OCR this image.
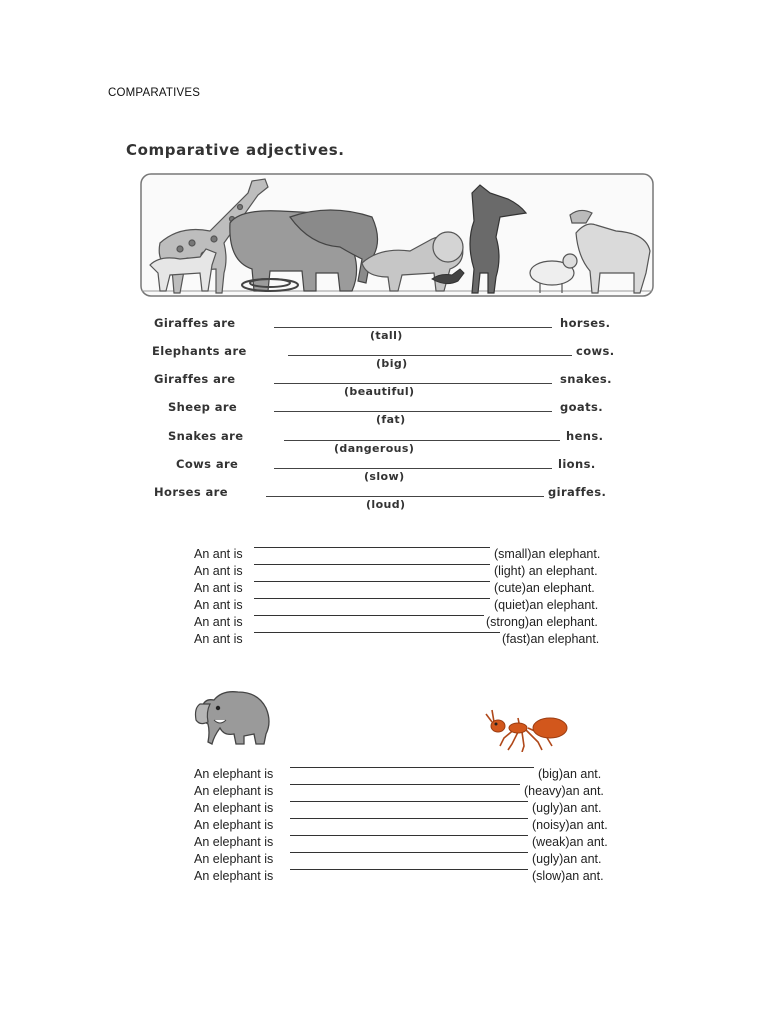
COMPARATIVES
Comparative adjectives.
Giraffes are	horses.
(tall)
Elephants are	cows.
(big)
Giraffes are	snakes.
(beautiful)
Sheep are	goats.
(fat)
Snakes are	hens.
(dangerous)
Cows are	lions.
(slow)
Horses are	giraffes.
(loud)
An ant is	(small)an elephant.
An ant is	(light) an elephant.
An ant is	(cute)an elephant.
An ant is	(quiet)an elephant.
An ant is	(strong)an elephant.
An ant is	(fast)an elephant.
An elephant is	(big)an ant.
An elephant is	(heavy)an ant.
An elephant is	(ugly)an ant.
An elephant is	(noisy)an ant.
An elephant is	(weak)an ant.
An elephant is	(ugly)an ant.
An elephant is	(slow)an ant.
